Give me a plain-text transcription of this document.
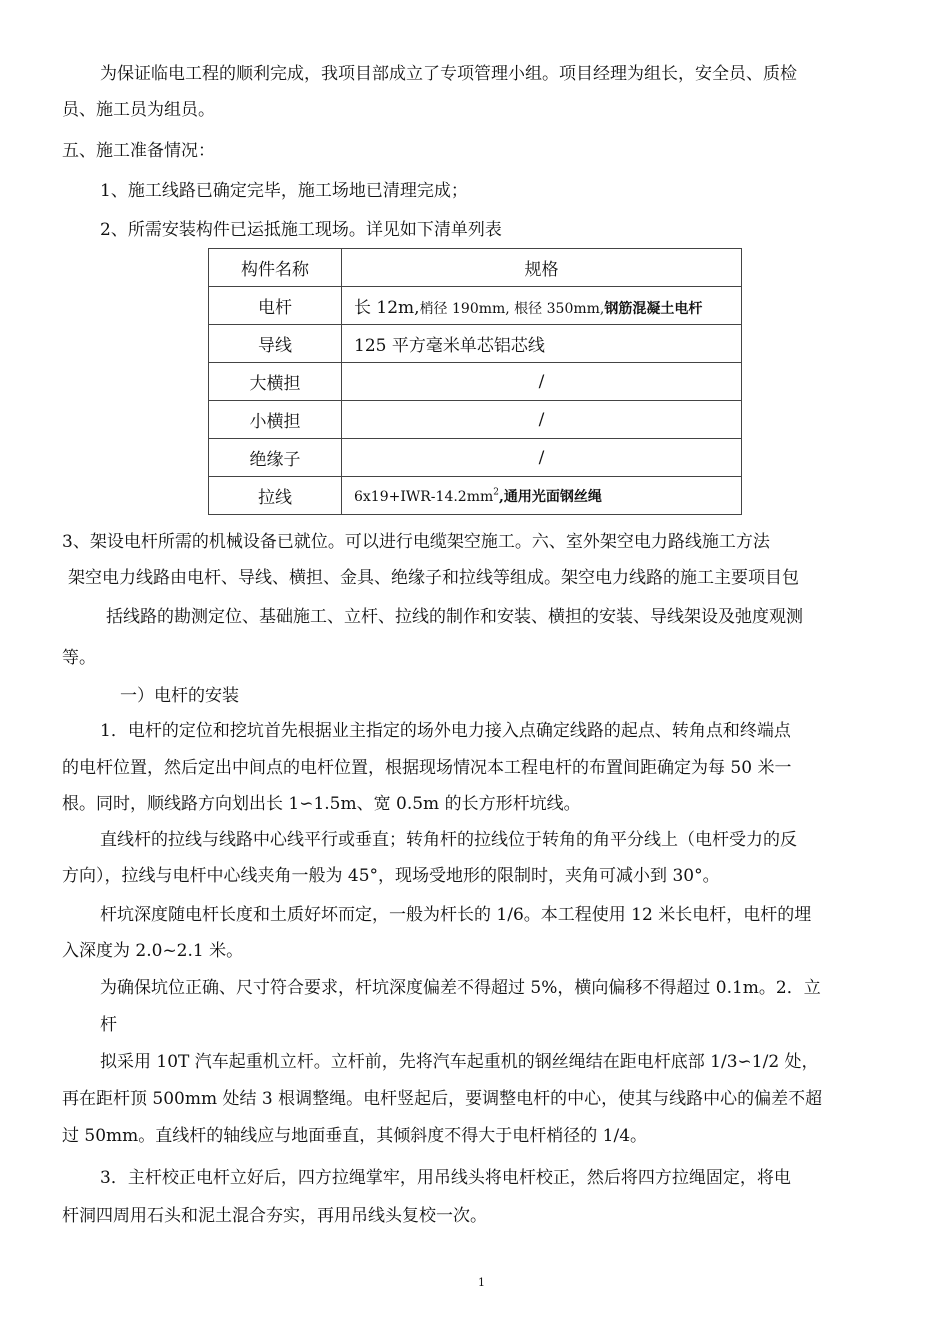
为保证临电工程的顺利完成，我项目部成立了专项管理小组。项目经理为组长，安全员、质检
员、施工员为组员。
五、施工准备情况：
1、施工线路已确定完毕，施工场地已清理完成；
2、所需安装构件已运抵施工现场。详见如下清单列表
构件名称	规格
电杆	长 12m,梢径 190mm, 根径 350mm,钢筋混凝土电杆
导线	125 平方毫米单芯铝芯线
大横担	/
小横担	/
绝缘子	/
拉线	$6x19+IWR-14.2mm^2$,通用光面钢丝绳
3、架设电杆所需的机械设备已就位。可以进行电缆架空施工。六、室外架空电力路线施工方法
架空电力线路由电杆、导线、横担、金具、绝缘子和拉线等组成。架空电力线路的施工主要项目包
括线路的勘测定位、基础施工、立杆、拉线的制作和安装、横担的安装、导线架设及弛度观测
等。
一）电杆的安装
1．电杆的定位和挖坑首先根据业主指定的场外电力接入点确定线路的起点、转角点和终端点
的电杆位置，然后定出中间点的电杆位置，根据现场情况本工程电杆的布置间距确定为每 50 米一
根。同时，顺线路方向划出长 1∽1.5m、宽 0.5m 的长方形杆坑线。
直线杆的拉线与线路中心线平行或垂直；转角杆的拉线位于转角的角平分线上（电杆受力的反
方向），拉线与电杆中心线夹角一般为 45°，现场受地形的限制时，夹角可减小到 30°。
杆坑深度随电杆长度和土质好坏而定，一般为杆长的 1/6。本工程使用 12 米长电杆，电杆的埋
入深度为 2.0~2.1 米。
为确保坑位正确、尺寸符合要求，杆坑深度偏差不得超过 5%，横向偏移不得超过 0.1m。2．立
杆
拟采用 10T 汽车起重机立杆。立杆前，先将汽车起重机的钢丝绳结在距电杆底部 1/3∽1/2 处，
再在距杆顶 500mm 处结 3 根调整绳。电杆竖起后，要调整电杆的中心，使其与线路中心的偏差不超
过 50mm。直线杆的轴线应与地面垂直，其倾斜度不得大于电杆梢径的 1/4。
3．主杆校正电杆立好后，四方拉绳掌牢，用吊线头将电杆校正，然后将四方拉绳固定，将电
杆洞四周用石头和泥土混合夯实，再用吊线头复校一次。
1
